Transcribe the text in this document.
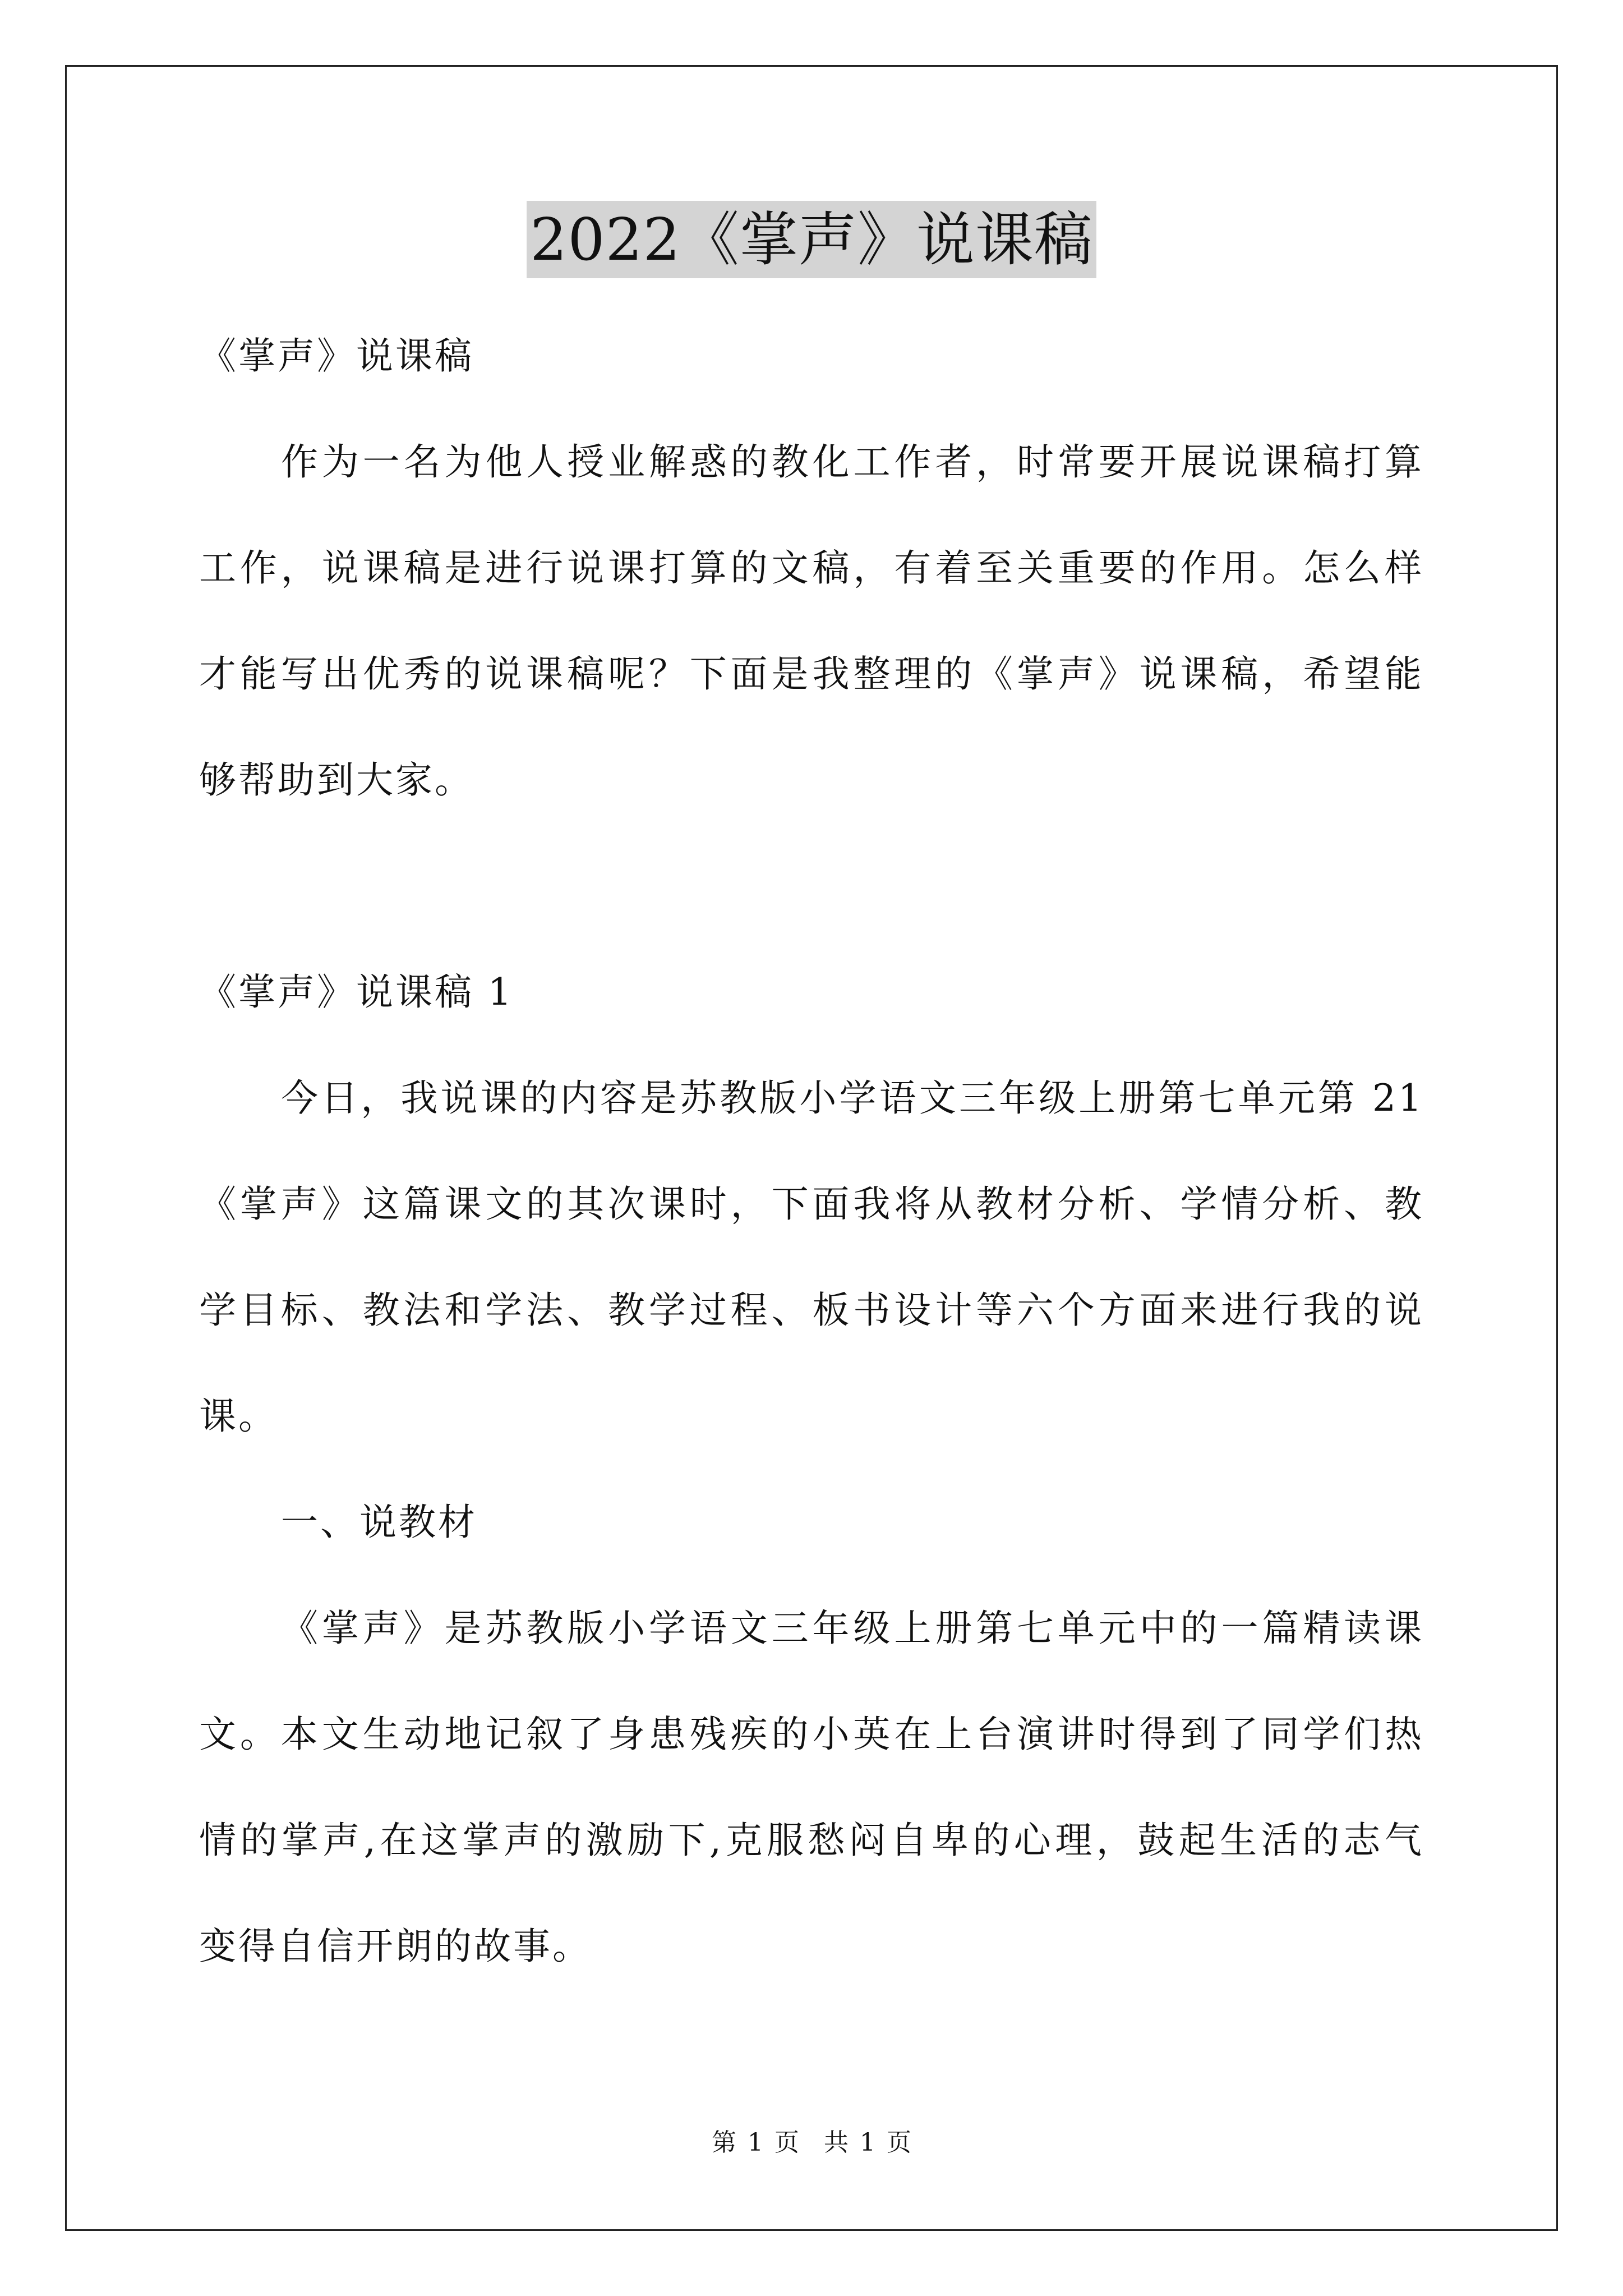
2022《掌声》说课稿
《掌声》说课稿
作为一名为他人授业解惑的教化工作者，时常要开展说课稿打算
工作，说课稿是进行说课打算的文稿，有着至关重要的作用。怎么样
才能写出优秀的说课稿呢？下面是我整理的《掌声》说课稿，希望能
够帮助到大家。
《掌声》说课稿 1
今日，我说课的内容是苏教版小学语文三年级上册第七单元第 21
《掌声》这篇课文的其次课时，下面我将从教材分析、学情分析、教
学目标、教法和学法、教学过程、板书设计等六个方面来进行我的说
课。
一、说教材
《掌声》是苏教版小学语文三年级上册第七单元中的一篇精读课
文。本文生动地记叙了身患残疾的小英在上台演讲时得到了同学们热
情的掌声,在这掌声的激励下,克服愁闷自卑的心理，鼓起生活的志气
变得自信开朗的故事。
第 1 页　共 1 页
